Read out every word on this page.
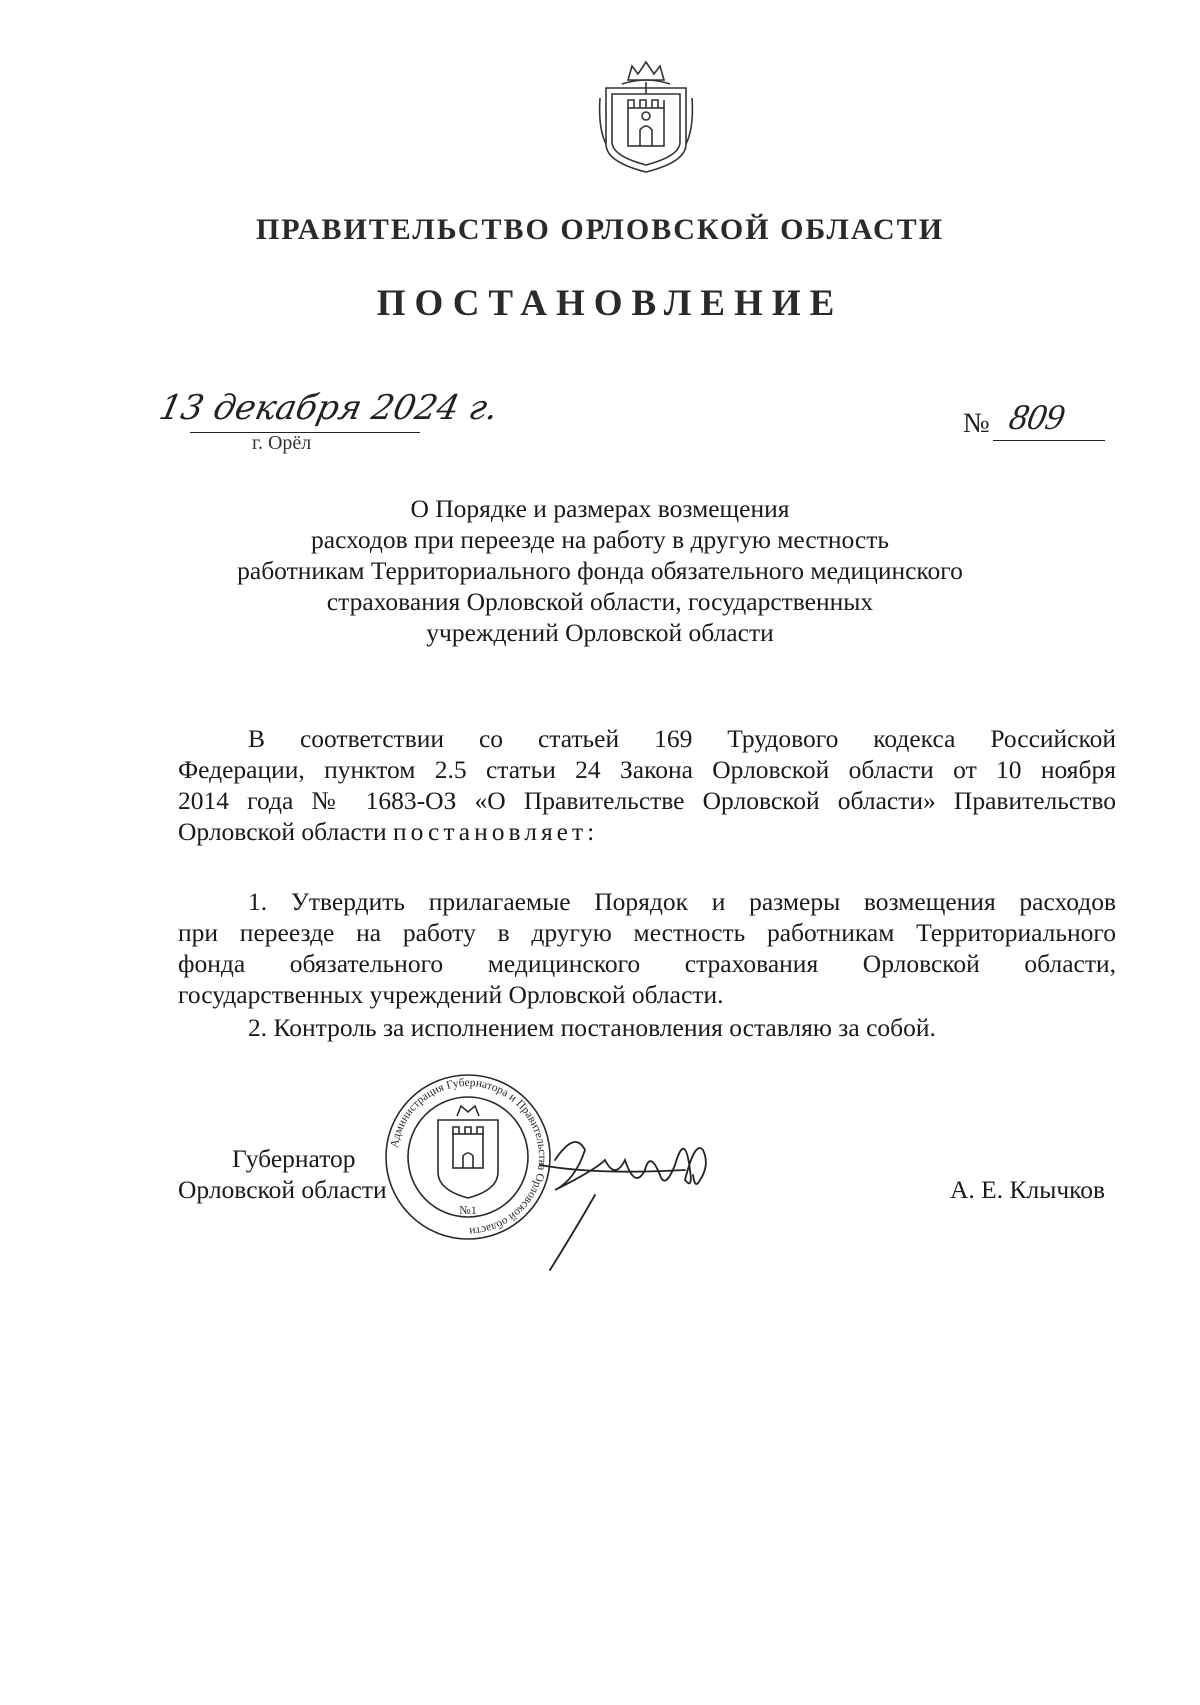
ПРАВИТЕЛЬСТВО ОРЛОВСКОЙ ОБЛАСТИ
ПОСТАНОВЛЕНИЕ
13 декабря 2024 г.
г. Орёл
№ 809
О Порядке и размерах возмещения
расходов при переезде на работу в другую местность
работникам Территориального фонда обязательного медицинского
страхования Орловской области, государственных
учреждений Орловской области
В соответствии со статьей 169 Трудового кодекса Российской
Федерации, пунктом 2.5 статьи 24 Закона Орловской области от 10 ноября
2014 года № 1683-ОЗ «О Правительстве Орловской области» Правительство
Орловской области постановляет:
1. Утвердить прилагаемые Порядок и размеры возмещения расходов
при переезде на работу в другую местность работникам Территориального
фонда обязательного медицинского страхования Орловской области,
государственных учреждений Орловской области.
2. Контроль за исполнением постановления оставляю за собой.
Губернатор
Орловской области	А. Е. Клычков
Администрация Губернатора и Правительства Орловской области
№1
